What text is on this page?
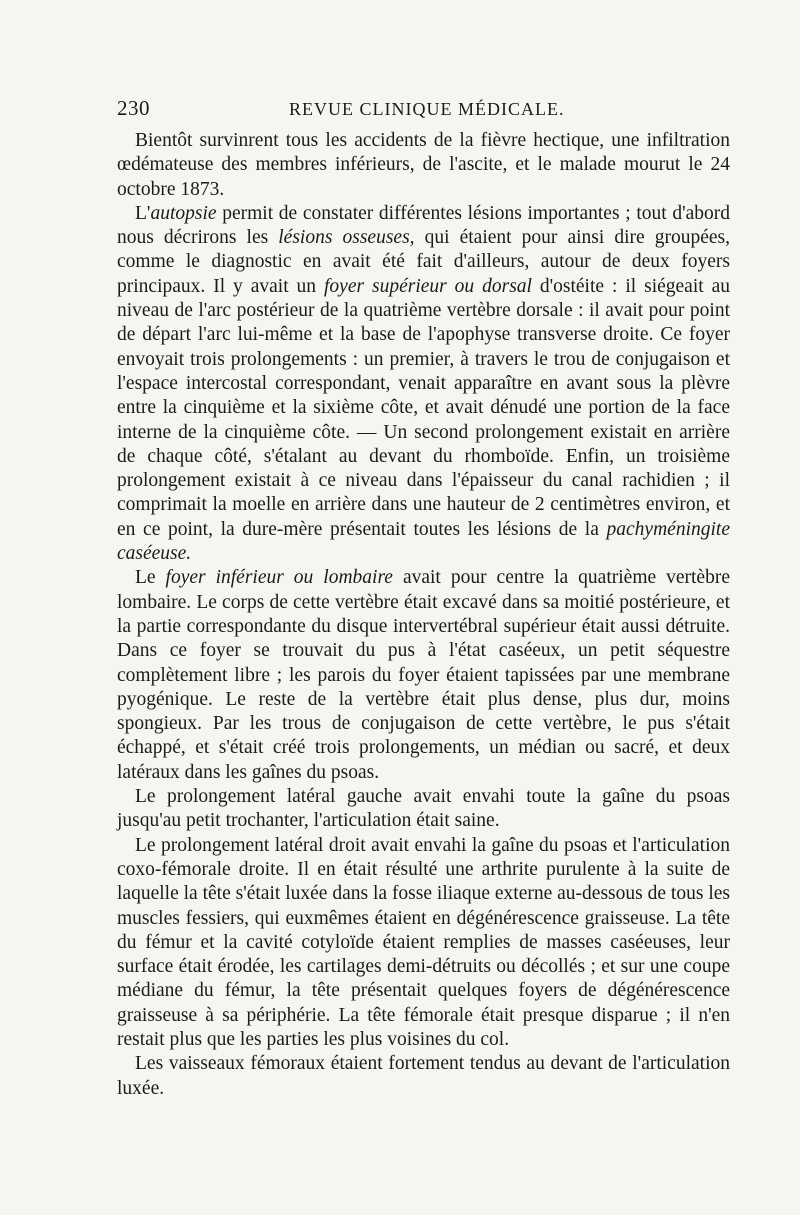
230	REVUE CLINIQUE MÉDICALE.

Bientôt survinrent tous les accidents de la fièvre hectique, une infiltration œdémateuse des membres inférieurs, de l'ascite, et le malade mourut le 24 octobre 1873.

L'autopsie permit de constater différentes lésions importantes ; tout d'abord nous décrirons les lésions osseuses, qui étaient pour ainsi dire groupées, comme le diagnostic en avait été fait d'ailleurs, autour de deux foyers principaux. Il y avait un foyer supérieur ou dorsal d'ostéite : il siégeait au niveau de l'arc postérieur de la quatrième vertèbre dorsale : il avait pour point de départ l'arc lui-même et la base de l'apophyse transverse droite. Ce foyer envoyait trois prolongements : un premier, à travers le trou de conjugaison et l'espace intercostal correspondant, venait apparaître en avant sous la plèvre entre la cinquième et la sixième côte, et avait dénudé une portion de la face interne de la cinquième côte. — Un second prolongement existait en arrière de chaque côté, s'étalant au devant du rhomboïde. Enfin, un troisième prolongement existait à ce niveau dans l'épaisseur du canal rachidien ; il comprimait la moelle en arrière dans une hauteur de 2 centimètres environ, et en ce point, la dure-mère présentait toutes les lésions de la pachyméningite caséeuse.

Le foyer inférieur ou lombaire avait pour centre la quatrième vertèbre lombaire. Le corps de cette vertèbre était excavé dans sa moitié postérieure, et la partie correspondante du disque intervertébral supérieur était aussi détruite. Dans ce foyer se trouvait du pus à l'état caséeux, un petit séquestre complètement libre ; les parois du foyer étaient tapissées par une membrane pyogénique. Le reste de la vertèbre était plus dense, plus dur, moins spongieux. Par les trous de conjugaison de cette vertèbre, le pus s'était échappé, et s'était créé trois prolongements, un médian ou sacré, et deux latéraux dans les gaînes du psoas.

Le prolongement latéral gauche avait envahi toute la gaîne du psoas jusqu'au petit trochanter, l'articulation était saine.

Le prolongement latéral droit avait envahi la gaîne du psoas et l'articulation coxo-fémorale droite. Il en était résulté une arthrite purulente à la suite de laquelle la tête s'était luxée dans la fosse iliaque externe au-dessous de tous les muscles fessiers, qui euxmêmes étaient en dégénérescence graisseuse. La tête du fémur et la cavité cotyloïde étaient remplies de masses caséeuses, leur surface était érodée, les cartilages demi-détruits ou décollés ; et sur une coupe médiane du fémur, la tête présentait quelques foyers de dégénérescence graisseuse à sa périphérie. La tête fémorale était presque disparue ; il n'en restait plus que les parties les plus voisines du col.

Les vaisseaux fémoraux étaient fortement tendus au devant de l'articulation luxée.
